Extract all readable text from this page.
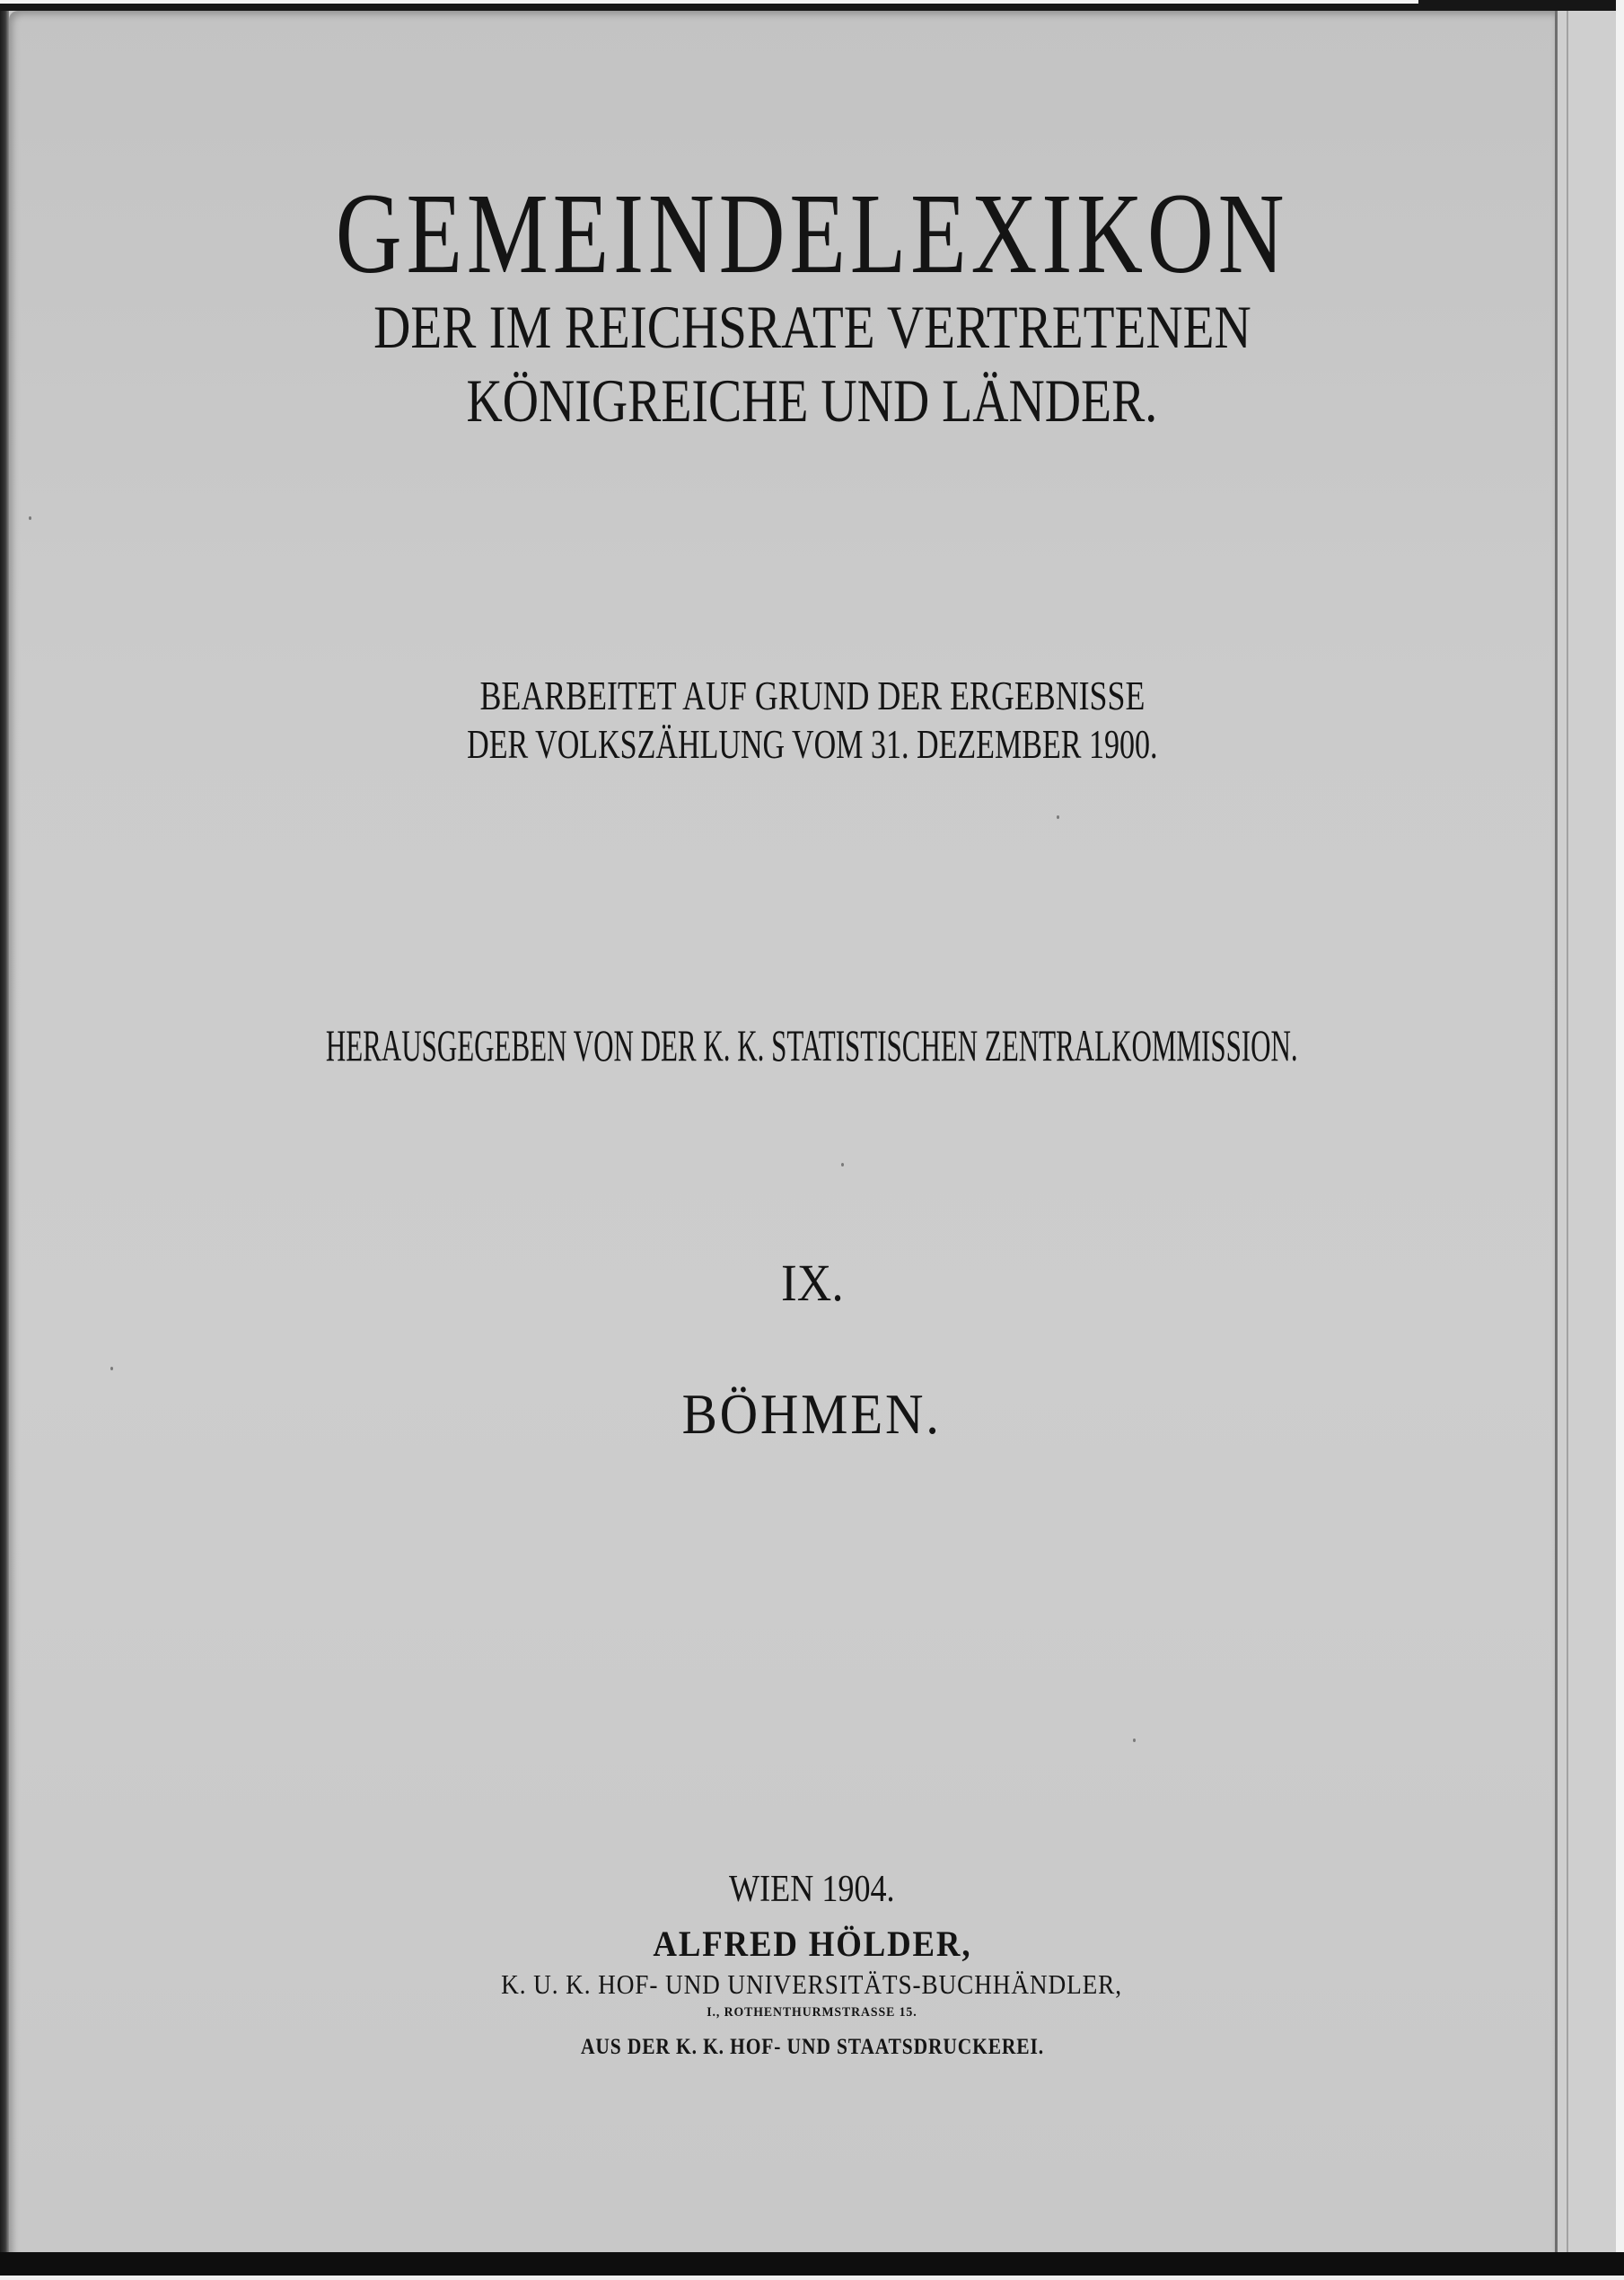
GEMEINDELEXIKON
DER IM REICHSRATE VERTRETENEN
KÖNIGREICHE UND LÄNDER.
BEARBEITET AUF GRUND DER ERGEBNISSE
DER VOLKSZÄHLUNG VOM 31. DEZEMBER 1900.
HERAUSGEGEBEN VON DER K. K. STATISTISCHEN ZENTRALKOMMISSION.
IX.
BÖHMEN.
WIEN 1904.
ALFRED HÖLDER,
K. U. K. HOF- UND UNIVERSITÄTS-BUCHHÄNDLER,
I., ROTHENTHURMSTRASSE 15.
AUS DER K. K. HOF- UND STAATSDRUCKEREI.
